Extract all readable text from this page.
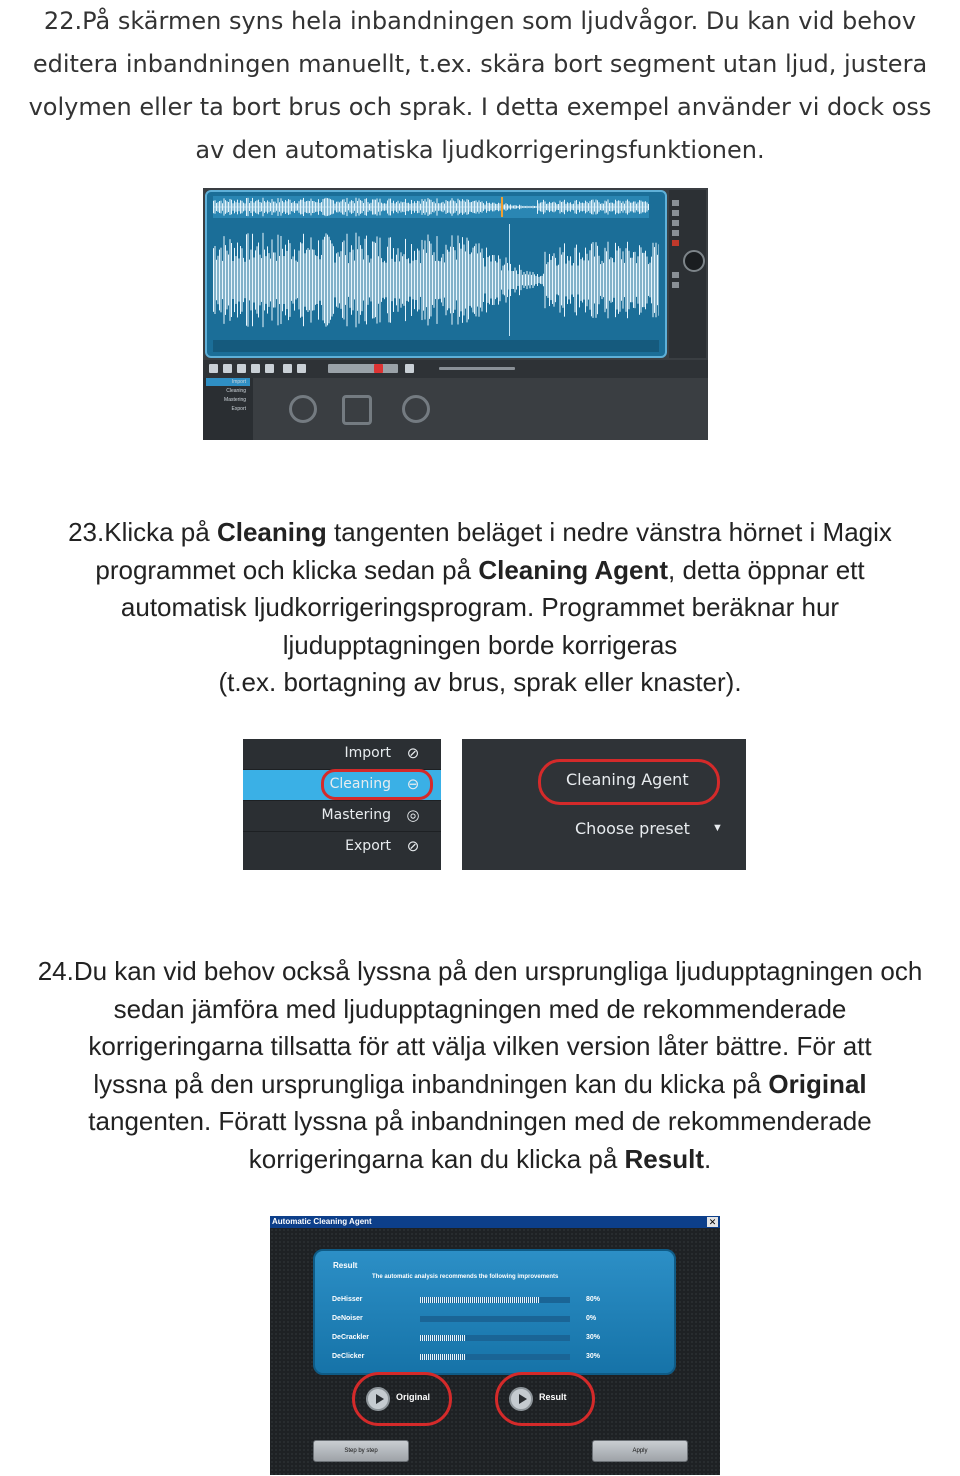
22.På skärmen syns hela inbandningen som ljudvågor. Du kan vid behov
editera inbandningen manuellt, t.ex. skära bort segment utan ljud, justera
volymen eller ta bort brus och sprak. I detta exempel använder vi dock oss
av den automatiska ljudkorrigeringsfunktionen.
Import
Cleaning
Mastering
Export
23.Klicka på Cleaning tangenten beläget i nedre vänstra hörnet i Magix
programmet och klicka sedan på Cleaning Agent, detta öppnar ett
automatisk ljudkorrigeringsprogram. Programmet beräknar hur
ljudupptagningen borde korrigeras
(t.ex. bortagning av brus, sprak eller knaster).
Import ⊘
Cleaning ⊖
Mastering ◎
Export ⊘
Cleaning Agent
Choose preset ▼
24.Du kan vid behov också lyssna på den ursprungliga ljudupptagningen och
sedan jämföra med ljudupptagningen med de rekommenderade
korrigeringarna tillsatta för att välja vilken version låter bättre. För att
lyssna på den ursprungliga inbandningen kan du klicka på Original
tangenten. Föratt lyssna på inbandningen med de rekommenderade
korrigeringarna kan du klicka på Result.
Automatic Cleaning Agent	✕
Result
The automatic analysis recommends the following improvements
DeHisser	80%
DeNoiser	0%
DeCrackler	30%
DeClicker	30%
Original	Result
Step by step	Apply
